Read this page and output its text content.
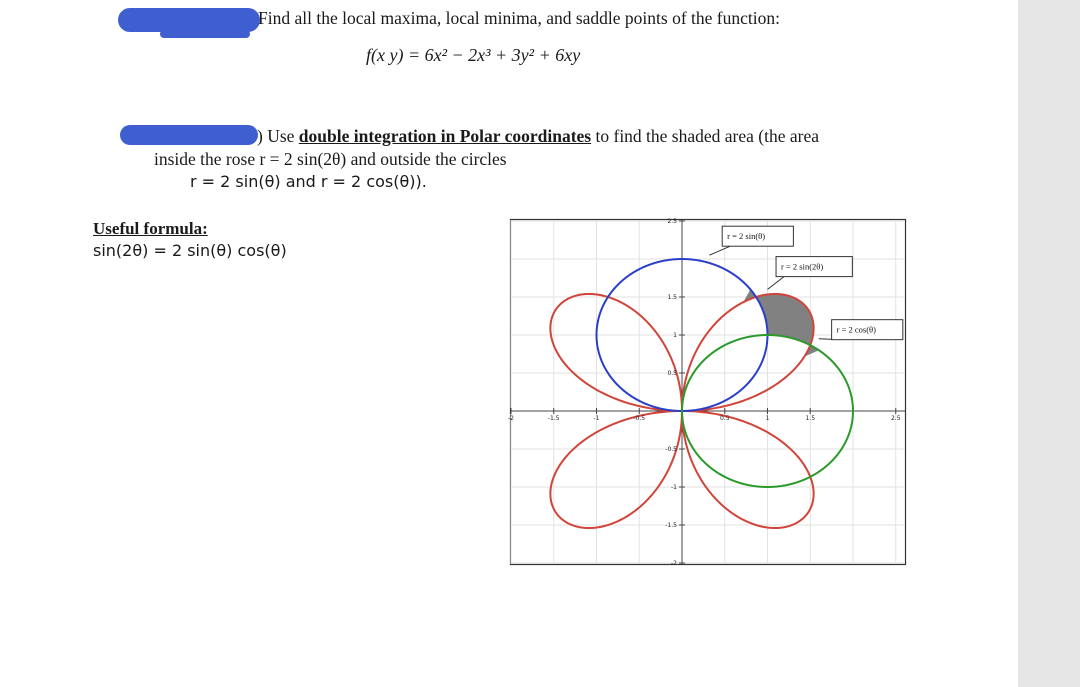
Find all the local maxima, local minima, and saddle points of the function:
f(x y) = 6x² − 2x³ + 3y² + 6xy
) Use double integration in Polar coordinates to find the shaded area (the area
inside the rose r = 2 sin(2θ) and outside the circles
r = 2 sin(θ) and r = 2 cos(θ)).
Useful formula:
sin(2θ) = 2 sin(θ) cos(θ)
-2	-1.5	-1	-0.5	0.5	1	1.5	2.5
2.5
1.5
1
0.5
-0.5
-1
-1.5
-2
r = 2 sin(θ)
r = 2 sin(2θ)
r = 2 cos(θ)
